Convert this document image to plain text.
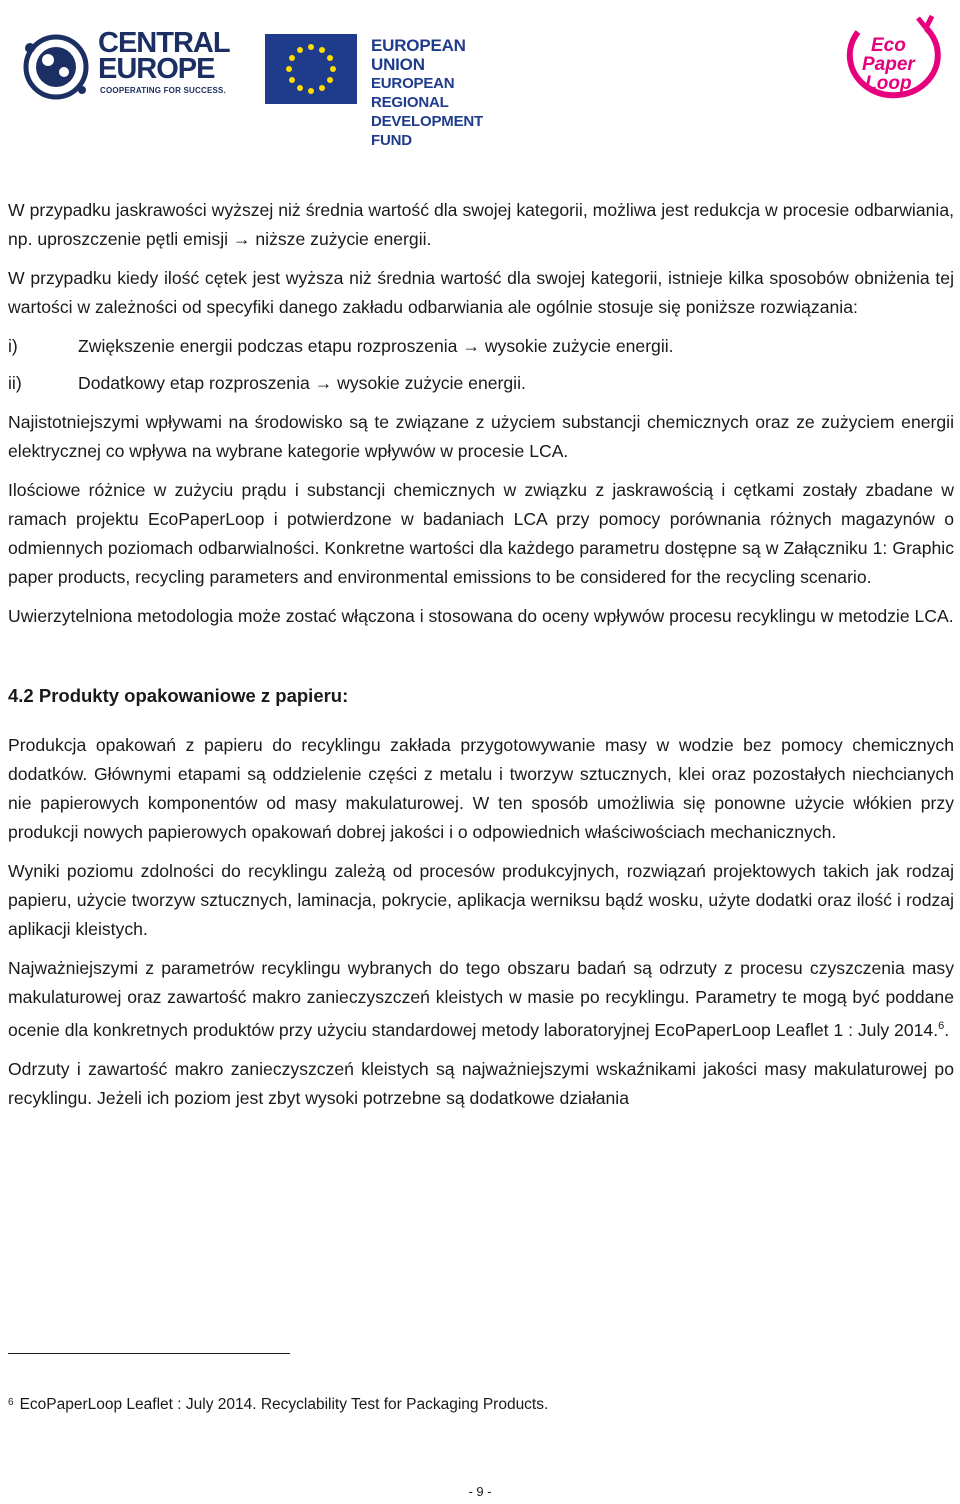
CENTRAL
EUROPE
COOPERATING FOR SUCCESS.
EUROPEAN UNION
EUROPEAN REGIONAL
DEVELOPMENT FUND
Eco
Paper
Loop

W przypadku jaskrawości wyższej niż średnia wartość dla swojej kategorii, możliwa jest redukcja w procesie odbarwiania, np. uproszczenie pętli emisji → niższe zużycie energii.

W przypadku kiedy ilość cętek jest wyższa niż średnia wartość dla swojej kategorii, istnieje kilka sposobów obniżenia tej wartości w zależności od specyfiki danego zakładu odbarwiania ale ogólnie stosuje się poniższe rozwiązania:

i)	Zwiększenie energii podczas etapu rozproszenia → wysokie zużycie energii.

ii)	Dodatkowy etap rozproszenia → wysokie zużycie energii.

Najistotniejszymi wpływami na środowisko są te związane z użyciem substancji chemicznych oraz ze zużyciem energii elektrycznej co wpływa na wybrane kategorie wpływów w procesie LCA.

Ilościowe różnice w zużyciu prądu i substancji chemicznych w związku z jaskrawością i cętkami zostały zbadane w ramach projektu EcoPaperLoop i potwierdzone w badaniach LCA przy pomocy porównania różnych magazynów o odmiennych poziomach odbarwialności. Konkretne wartości dla każdego parametru dostępne są w Załączniku 1: Graphic paper products, recycling parameters and environmental emissions to be considered for the recycling scenario.

Uwierzytelniona metodologia może zostać włączona i stosowana do oceny wpływów procesu recyklingu w metodzie LCA.

4.2 Produkty opakowaniowe z papieru:

Produkcja opakowań z papieru do recyklingu zakłada przygotowywanie masy w wodzie bez pomocy chemicznych dodatków. Głównymi etapami są oddzielenie części z metalu i tworzyw sztucznych, klei oraz pozostałych niechcianych nie papierowych komponentów od masy makulaturowej. W ten sposób umożliwia się ponowne użycie włókien przy produkcji nowych papierowych opakowań dobrej jakości i o odpowiednich właściwościach mechanicznych.

Wyniki poziomu zdolności do recyklingu zależą od procesów produkcyjnych, rozwiązań projektowych takich jak rodzaj papieru, użycie tworzyw sztucznych, laminacja, pokrycie, aplikacja werniksu bądź wosku, użyte dodatki oraz ilość i rodzaj aplikacji kleistych.

Najważniejszymi z parametrów recyklingu wybranych do tego obszaru badań są odrzuty z procesu czyszczenia masy makulaturowej oraz zawartość makro zanieczyszczeń kleistych w masie po recyklingu. Parametry te mogą być poddane ocenie dla konkretnych produktów przy użyciu standardowej metody laboratoryjnej EcoPaperLoop Leaflet 1 : July 2014.$^6$.

Odrzuty i zawartość makro zanieczyszczeń kleistych są najważniejszymi wskaźnikami jakości masy makulaturowej po recyklingu. Jeżeli ich poziom jest zbyt wysoki potrzebne są dodatkowe działania

$^6$ EcoPaperLoop Leaflet : July 2014. Recyclability Test for Packaging Products.
- 9 -
